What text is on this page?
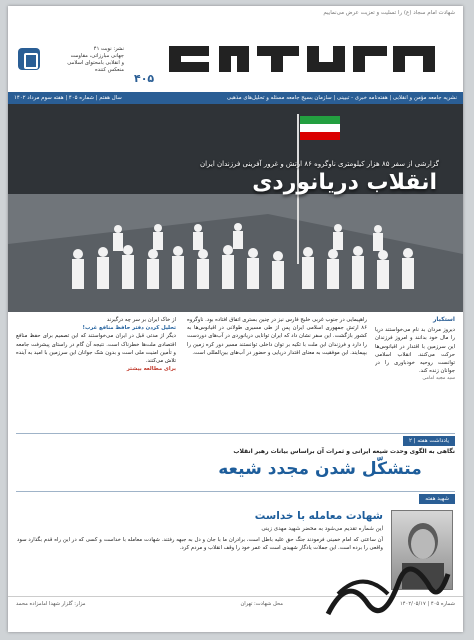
شهادت امام سجاد (ع) را تسلیت و تعزیت عرض می‌نماییم
۴۰۵
نشر: نوبت ۴۱
جهانی مبارزاتی، مقاومت
و انقلابی بامحتوای اسلامی
منعکس کننده
نشریه جامعه مؤمن و انقلابی | هفته‌نامه خبری - تبیینی | سازمان بسیج جامعه مسئله و تحلیل‌های مذهبی
سال هفتم | شماره ۴۰۵ | هفته سوم مرداد ۱۴۰۲
گزارشی از سفر ۸۵ هزار کیلومتری ناوگروه ۸۶ ارتش و غرور آفرینی فرزندان ایران
انقلاب دریانوردی
استکبار
دیروز مردان بد نام می‌خواستند دریا را مال خود بدانند و امروز فرزندان این سرزمین با اقتدار در اقیانوس‌ها حرکت می‌کنند. انقلاب اسلامی توانست روحیه خودباوری را در جوانان زنده کند.
سید مجید امامی
راهپیمایی در جنوب غربی خلیج فارس نیز در چنین بستری اتفاق افتاده بود. ناوگروه ۸۶ ارتش جمهوری اسلامی ایران پس از طی مسیری طولانی در اقیانوس‌ها به کشور بازگشت. این سفر نشان داد که ایران توانایی دریانوردی در آب‌های دوردست را دارد و فرزندان این ملت با تکیه بر توان داخلی توانستند مسیر دور کره زمین را بپیمایند. این موفقیت به معنای اقتدار دریایی و حضور در آب‌های بین‌المللی است.
از خاک ایران بر سر چه درگیرند
تحلیل کردن دفتر حافظ منافع غرب!
دیگر از مدتی قبل در ایران می‌خواستند که این تصمیم برای حفظ منافع اقتصادی ملت‌ها خطرناک است. نتیجه آن گام در راستای پیشرفت جامعه و تأمین امنیت ملی است و بدون شک جوانان این سرزمین با امید به آینده تلاش می‌کنند.
برای مطالعه بیشتر
یادداشت هفته | ۲
نگاهی به الگوی وحدت شیعه ایرانی و ثمرات آن براساس بیانات رهبر انقلاب
متشکّل شدن مجدد شیعه
شهید هفته
شهادت معامله با خداست
این شماره تقدیم می‌شود به محضر شهید مهدی زینی
آن ساعتی که امام خمینی فرمودند جنگ حق علیه باطل است، برادران ما با جان و دل به جبهه رفتند. شهادت معامله با خداست و کسی که در این راه قدم بگذارد سود واقعی را برده است. این جملات یادگار شهیدی است که عمر خود را وقف انقلاب و مردم کرد.
شماره ۴۰۵ | ۱۴۰۲/۰۵/۱۷
محل شهادت: تهران
مزار: گلزار شهدا امامزاده محمد
